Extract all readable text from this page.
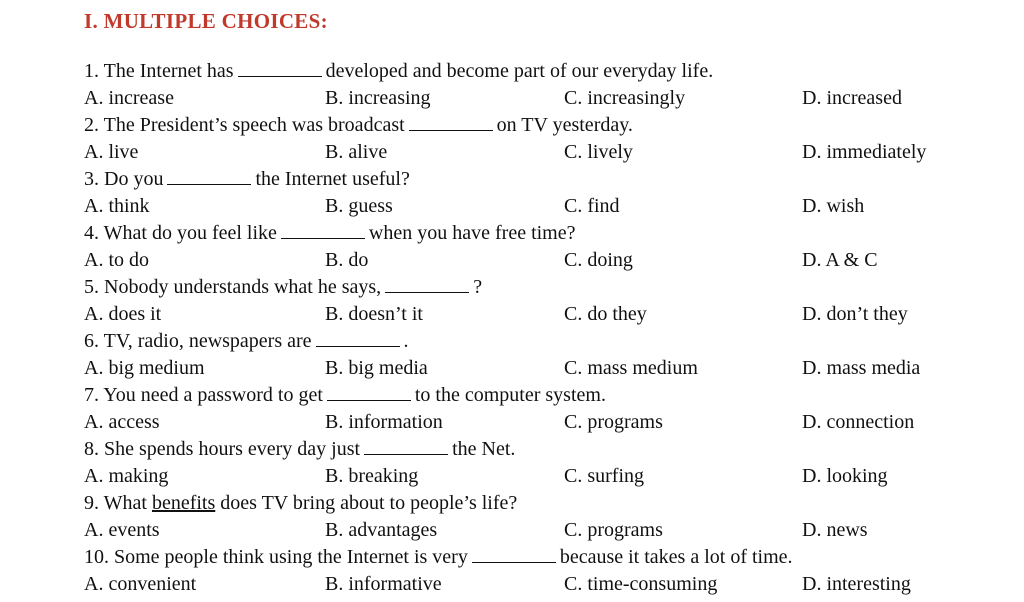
I. MULTIPLE CHOICES:
1. The Internet has	developed and become part of our everyday life.
A. increase	B. increasing	C. increasingly	D. increased
2. The President’s speech was broadcast	on TV yesterday.
A. live	B. alive	C. lively	D. immediately
3. Do you	the Internet useful?
A. think	B. guess	C. find	D. wish
4. What do you feel like	when you have free time?
A. to do	B. do	C. doing	D. A & C
5. Nobody understands what he says,	?
A. does it	B. doesn’t it	C. do they	D. don’t they
6. TV, radio, newspapers are	.
A. big medium	B. big media	C. mass medium	D. mass media
7. You need a password to get	to the computer system.
A. access	B. information	C. programs	D. connection
8. She spends hours every day just	the Net.
A. making	B. breaking	C. surfing	D. looking
9. What benefits does TV bring about to people’s life?
A. events	B. advantages	C. programs	D. news
10. Some people think using the Internet is very	because it takes a lot of time.
A. convenient	B. informative	C. time-consuming	D. interesting
